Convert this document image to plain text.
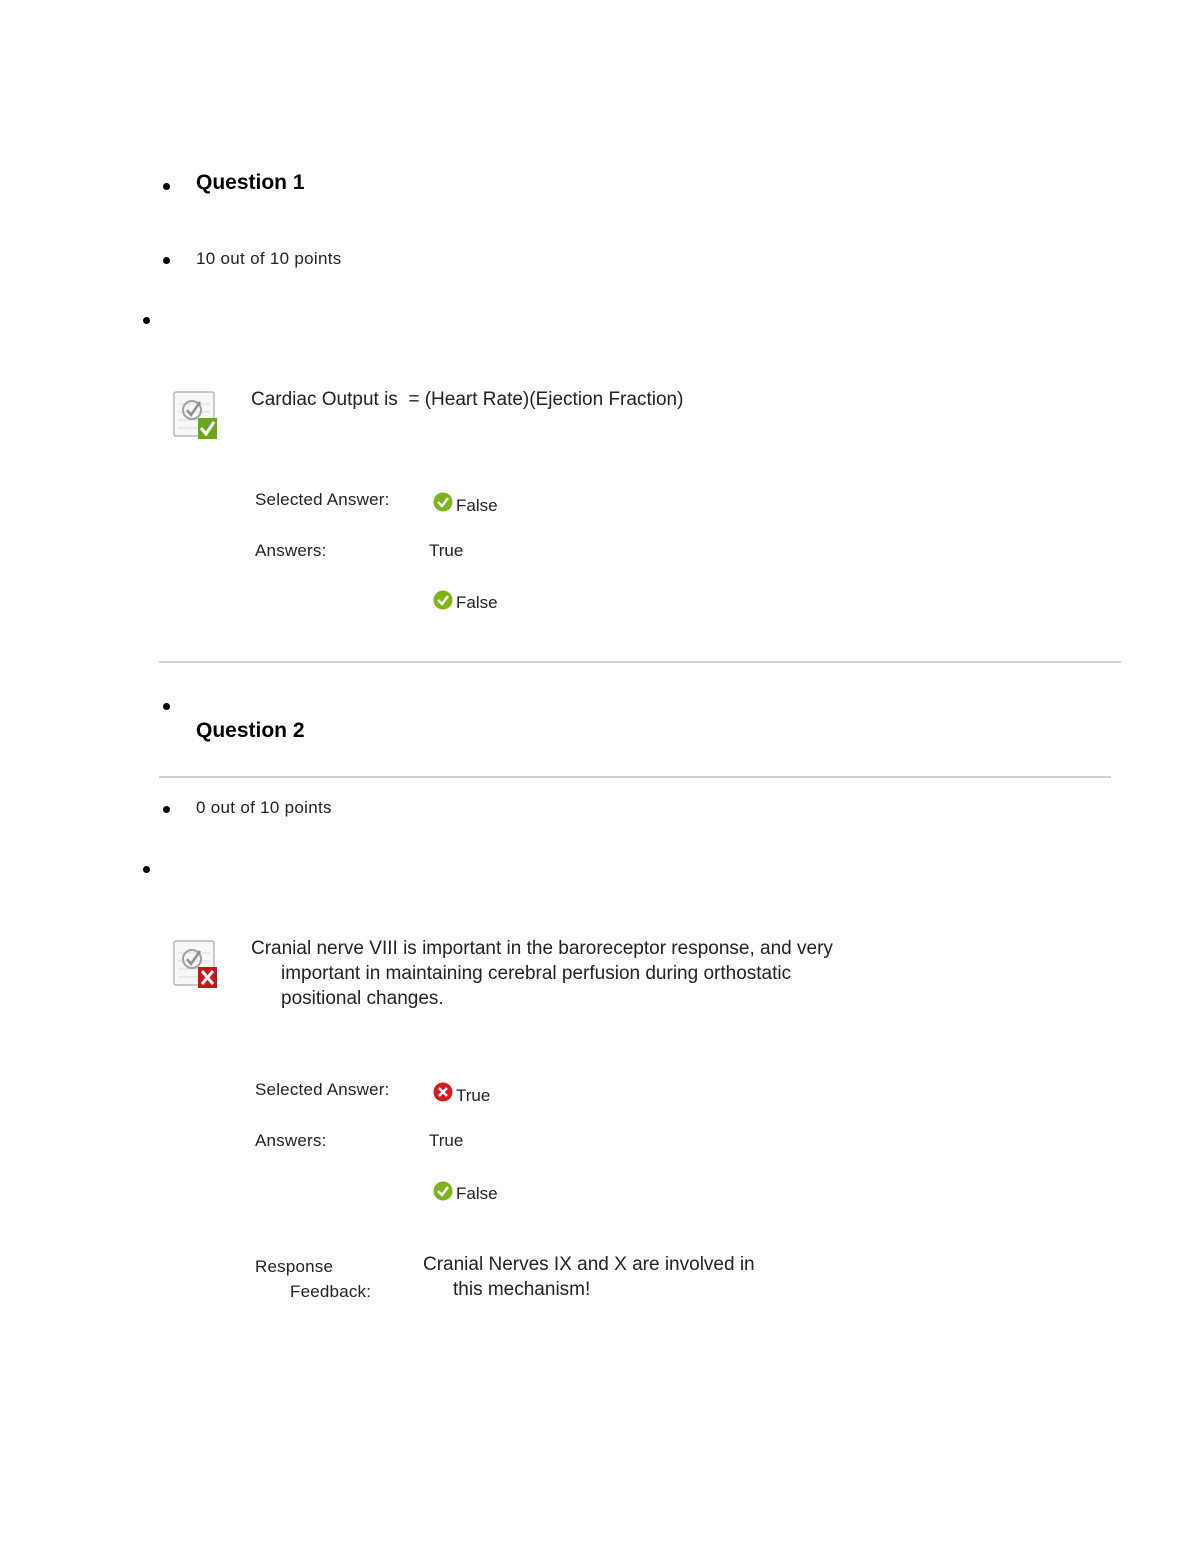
Question 1
10 out of 10 points
Cardiac Output is  = (Heart Rate)(Ejection Fraction)
Selected Answer:	False
Answers:	True
False
Question 2
0 out of 10 points
Cranial nerve VIII is important in the baroreceptor response, and very
important in maintaining cerebral perfusion during orthostatic
positional changes.
Selected Answer:	True
Answers:	True
False
Response
Feedback:
Cranial Nerves IX and X are involved in
this mechanism!
